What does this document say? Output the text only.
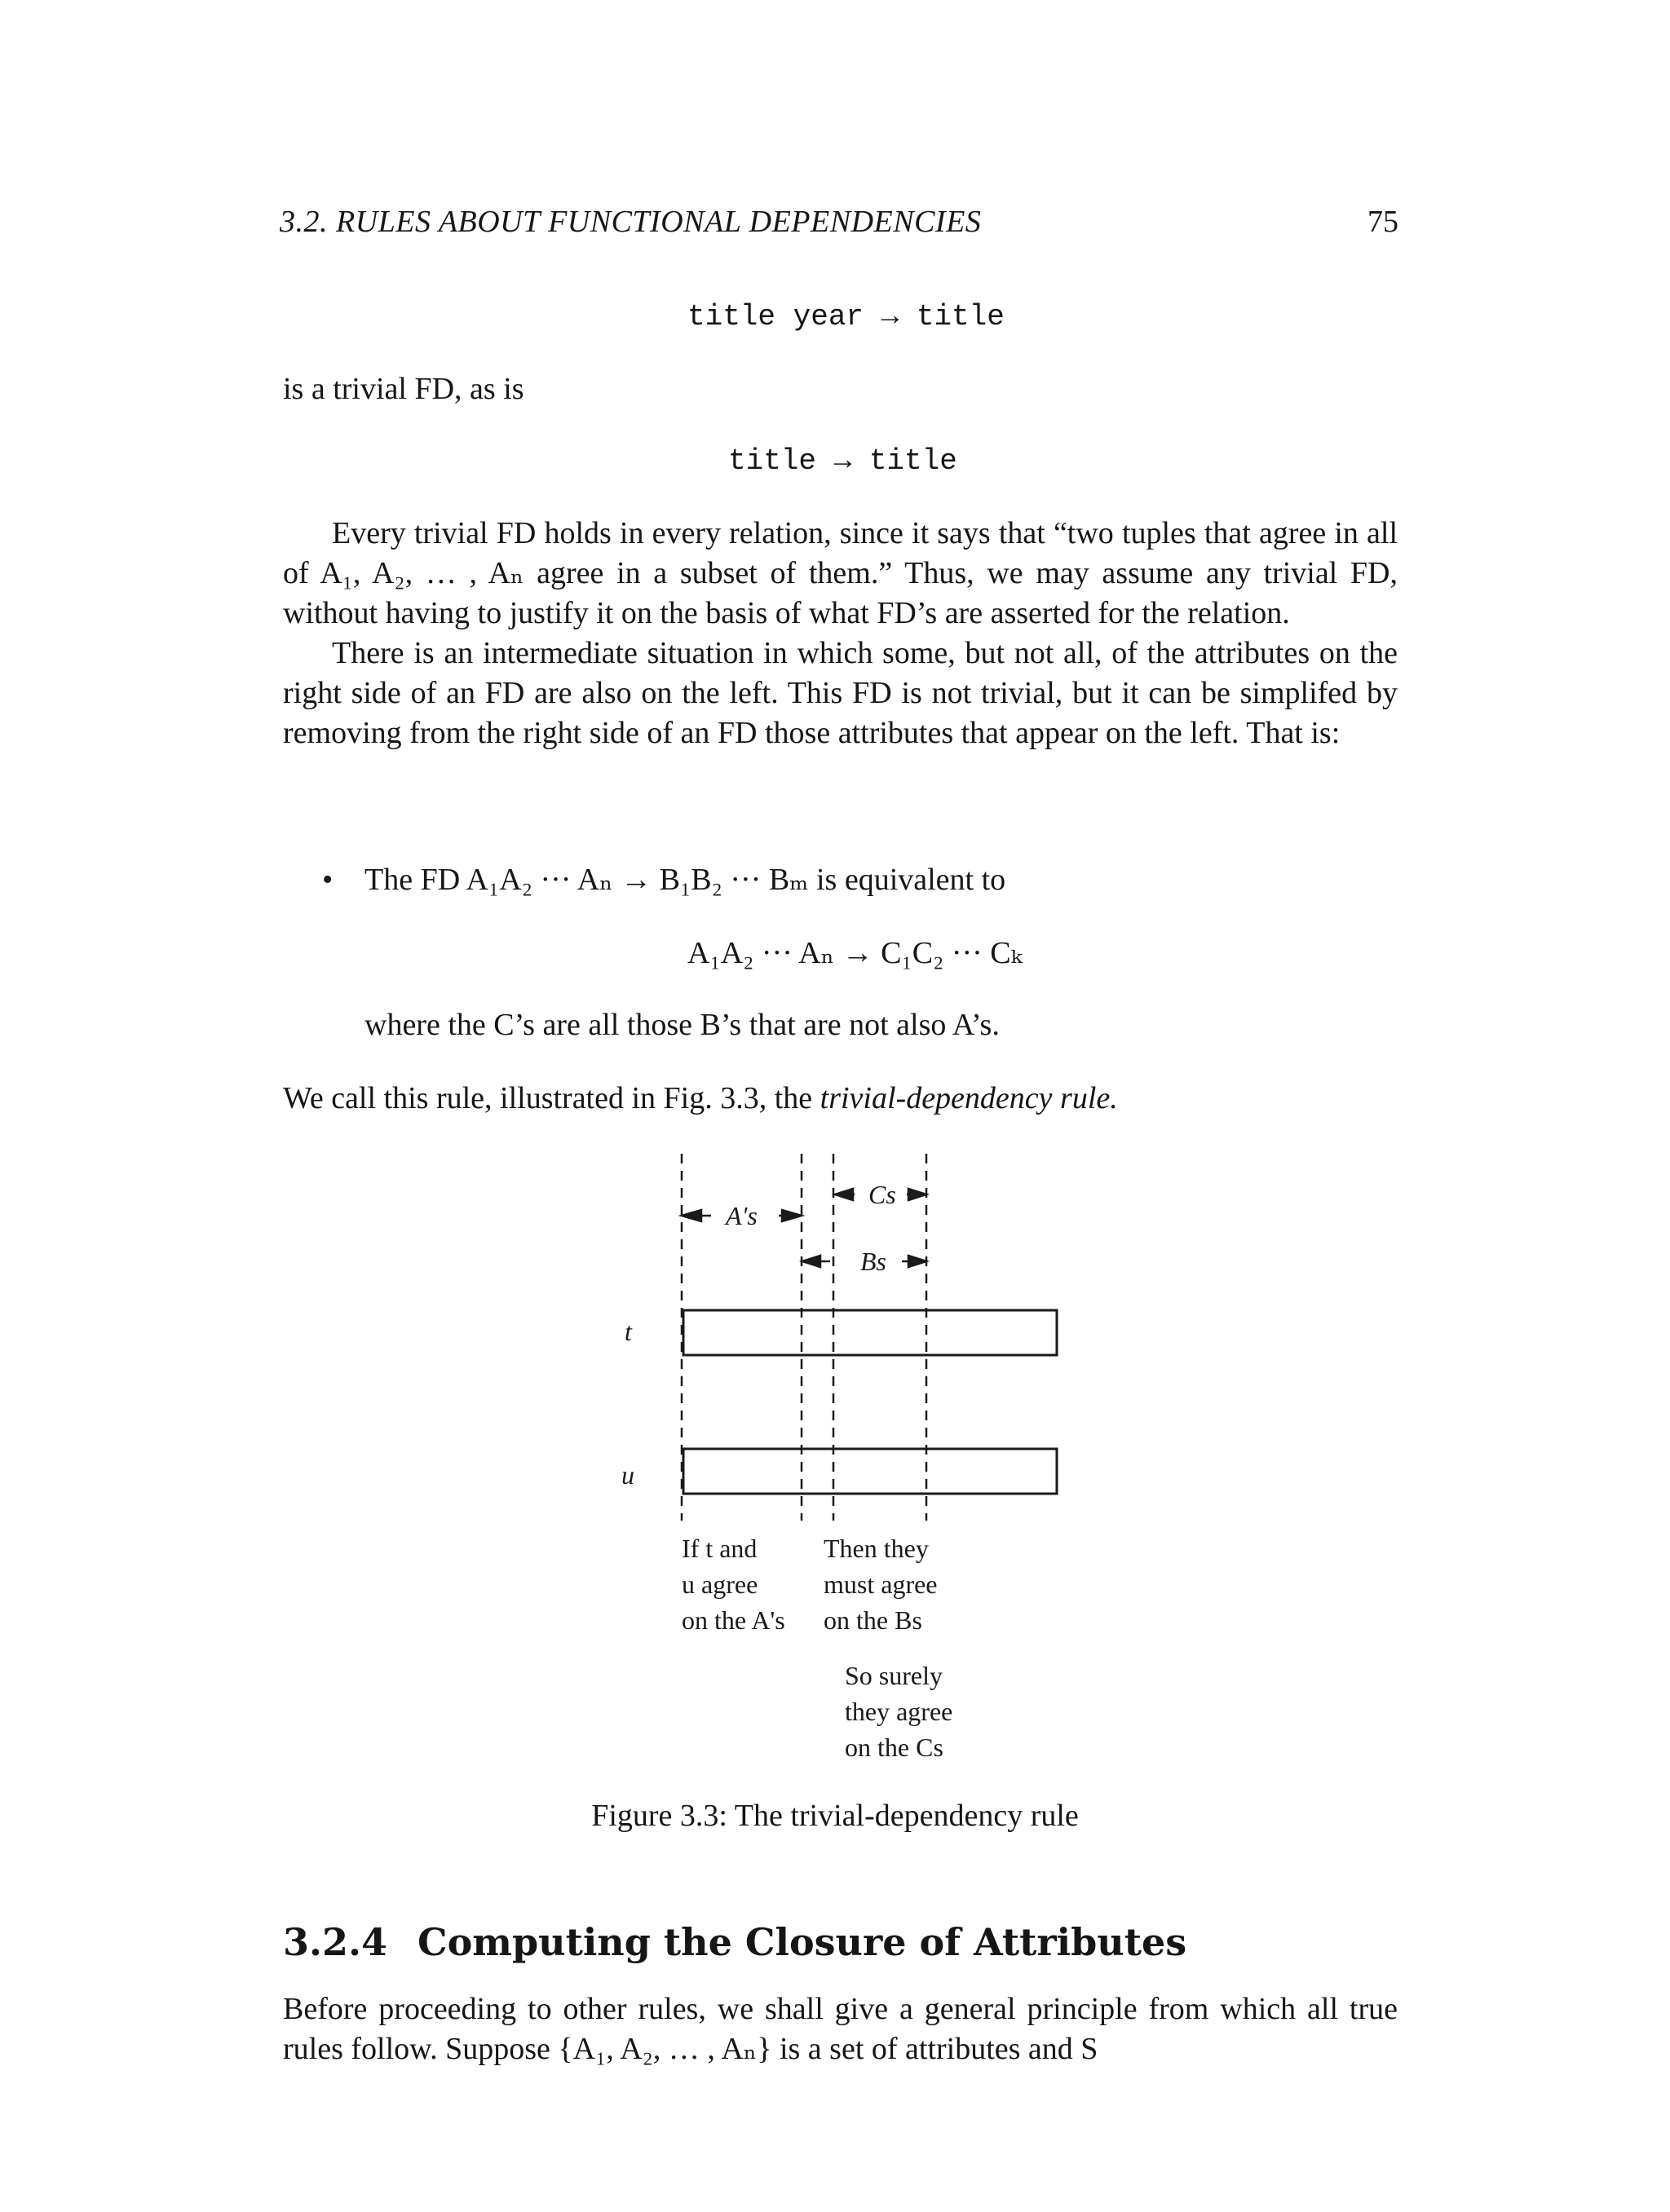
3.2. RULES ABOUT FUNCTIONAL DEPENDENCIES	75
title year → title
is a trivial FD, as is
title → title

Every trivial FD holds in every relation, since it says that “two tuples that agree in all of A₁, A₂, … , Aₙ agree in a subset of them.” Thus, we may assume any trivial FD, without having to justify it on the basis of what FD’s are asserted for the relation.

There is an intermediate situation in which some, but not all, of the attributes on the right side of an FD are also on the left. This FD is not trivial, but it can be simplifed by removing from the right side of an FD those attributes that appear on the left. That is:

• The FD A₁A₂ ··· Aₙ → B₁B₂ ··· Bₘ is equivalent to
A₁A₂ ··· Aₙ → C₁C₂ ··· Cₖ
where the C’s are all those B’s that are not also A’s.
We call this rule, illustrated in Fig. 3.3, the trivial-dependency rule.
A's
Cs
Bs
t
u
If t and
u agree
on the A's
Then they
must agree
on the Bs
So surely
they agree
on the Cs
Figure 3.3: The trivial-dependency rule
3.2.4 Computing the Closure of Attributes
Before proceeding to other rules, we shall give a general principle from which all true rules follow. Suppose {A₁, A₂, … , Aₙ} is a set of attributes and S
